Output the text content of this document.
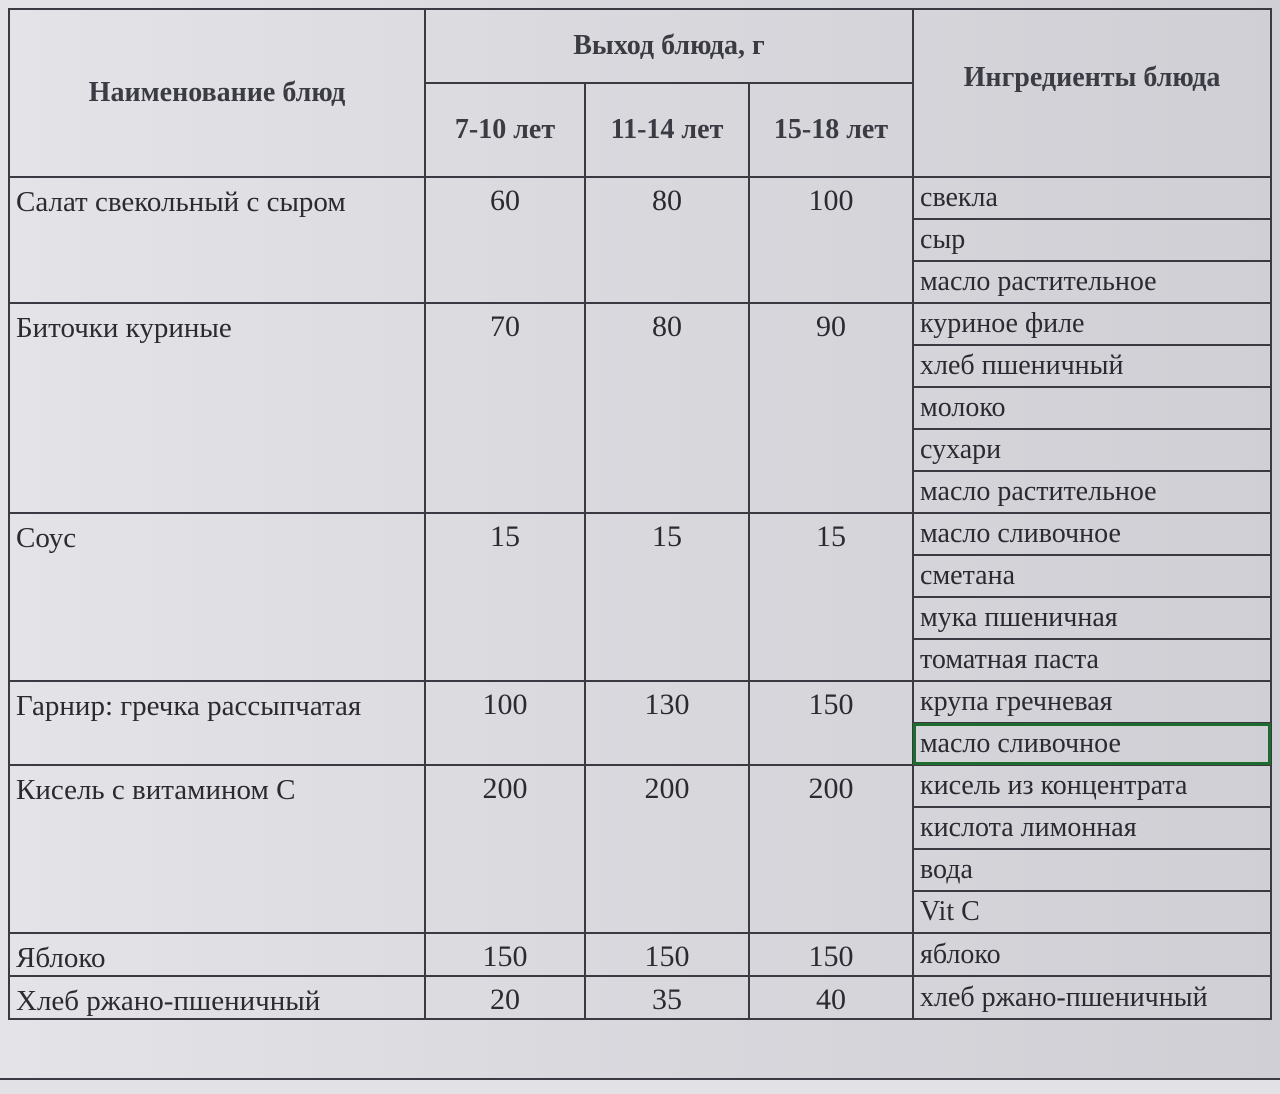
Наименование блюд	Выход блюда, г			Ингредиенты блюда
	7-10 лет	11-14 лет	15-18 лет	
Салат свекольный с сыром	60	80	100	свекла
				сыр
				масло растительное
Биточки куриные	70	80	90	куриное филе
				хлеб пшеничный
				молоко
				сухари
				масло растительное
Соус	15	15	15	масло сливочное
				сметана
				мука пшеничная
				томатная паста
Гарнир: гречка рассыпчатая	100	130	150	крупа гречневая
				масло сливочное
Кисель с витамином С	200	200	200	кисель из концентрата
				кислота лимонная
				вода
				Vit C
Яблоко	150	150	150	яблоко
Хлеб ржано-пшеничный	20	35	40	хлеб ржано-пшеничный
